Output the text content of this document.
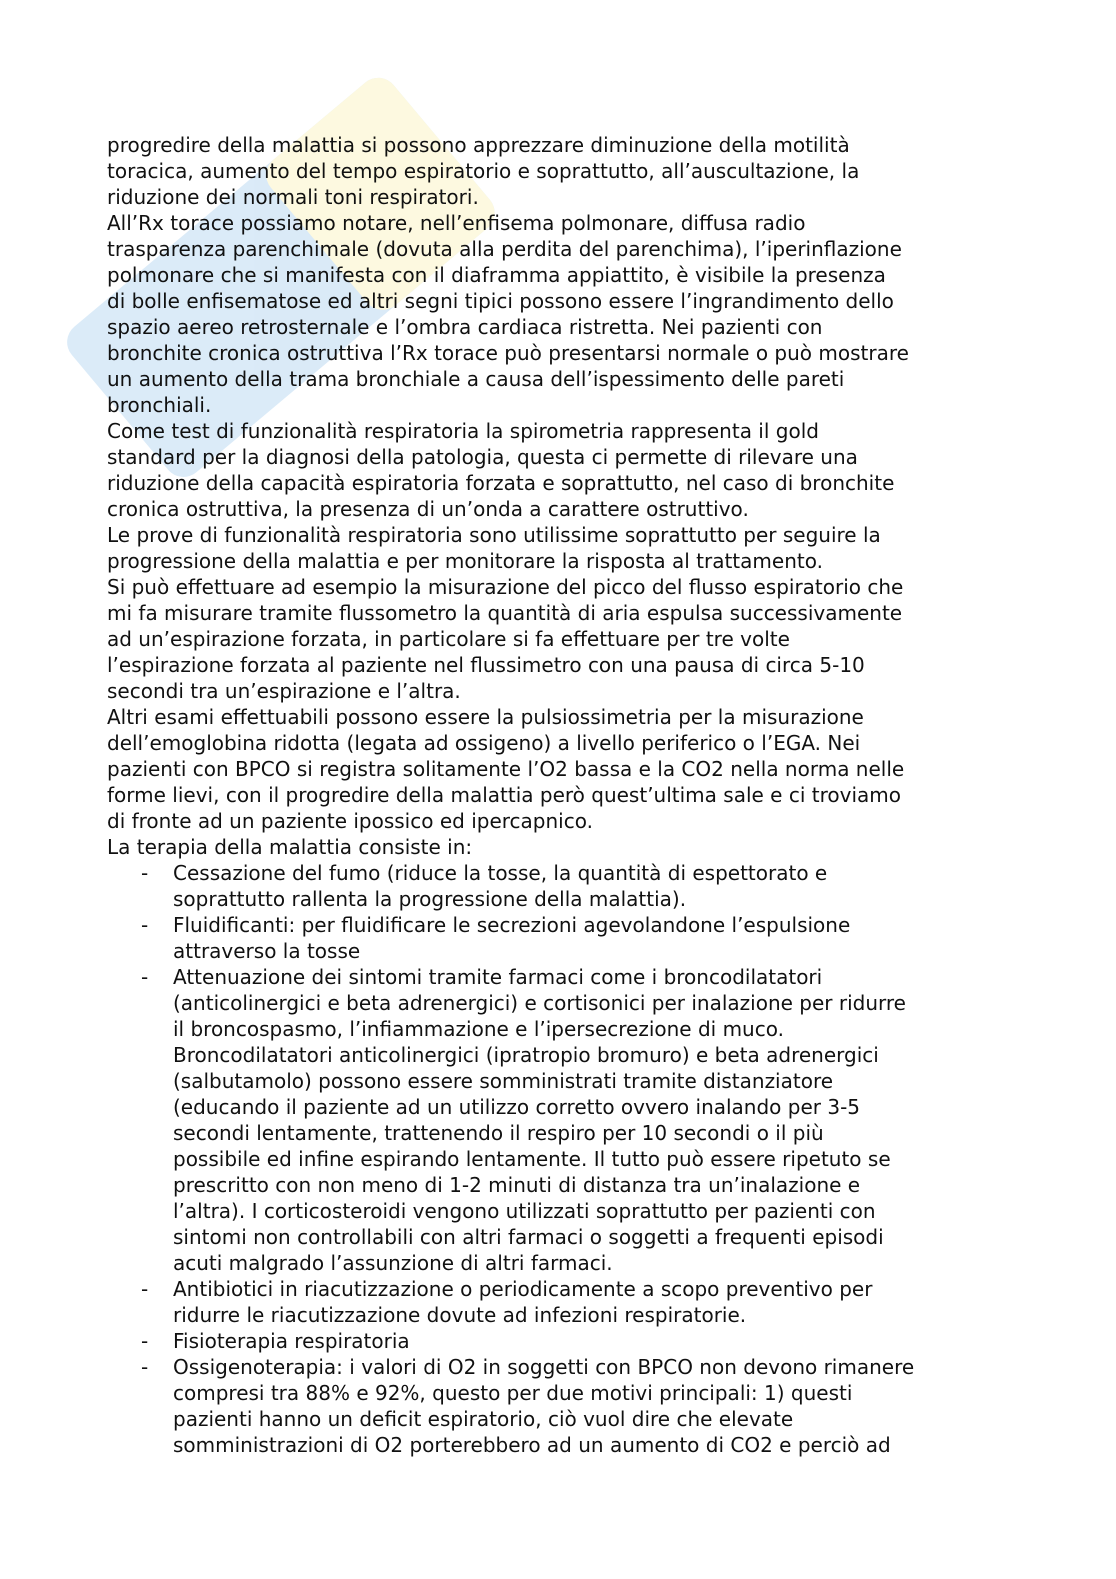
progredire della malattia si possono apprezzare diminuzione della motilità
toracica, aumento del tempo espiratorio e soprattutto, all’auscultazione, la
riduzione dei normali toni respiratori.
All’Rx torace possiamo notare, nell’enfisema polmonare, diffusa radio
trasparenza parenchimale (dovuta alla perdita del parenchima), l’iperinflazione
polmonare che si manifesta con il diaframma appiattito, è visibile la presenza
di bolle enfisematose ed altri segni tipici possono essere l’ingrandimento dello
spazio aereo retrosternale e l’ombra cardiaca ristretta. Nei pazienti con
bronchite cronica ostruttiva l’Rx torace può presentarsi normale o può mostrare
un aumento della trama bronchiale a causa dell’ispessimento delle pareti
bronchiali.
Come test di funzionalità respiratoria la spirometria rappresenta il gold
standard per la diagnosi della patologia, questa ci permette di rilevare una
riduzione della capacità espiratoria forzata e soprattutto, nel caso di bronchite
cronica ostruttiva, la presenza di un’onda a carattere ostruttivo.
Le prove di funzionalità respiratoria sono utilissime soprattutto per seguire la
progressione della malattia e per monitorare la risposta al trattamento.
Si può effettuare ad esempio la misurazione del picco del flusso espiratorio che
mi fa misurare tramite flussometro la quantità di aria espulsa successivamente
ad un’espirazione forzata, in particolare si fa effettuare per tre volte
l’espirazione forzata al paziente nel flussimetro con una pausa di circa 5-10
secondi tra un’espirazione e l’altra.
Altri esami effettuabili possono essere la pulsiossimetria per la misurazione
dell’emoglobina ridotta (legata ad ossigeno) a livello periferico o l’EGA. Nei
pazienti con BPCO si registra solitamente l’O2 bassa e la CO2 nella norma nelle
forme lievi, con il progredire della malattia però quest’ultima sale e ci troviamo
di fronte ad un paziente ipossico ed ipercapnico.
La terapia della malattia consiste in:
- Cessazione del fumo (riduce la tosse, la quantità di espettorato e
soprattutto rallenta la progressione della malattia).
- Fluidificanti: per fluidificare le secrezioni agevolandone l’espulsione
attraverso la tosse
- Attenuazione dei sintomi tramite farmaci come i broncodilatatori
(anticolinergici e beta adrenergici) e cortisonici per inalazione per ridurre
il broncospasmo, l’infiammazione e l’ipersecrezione di muco.
Broncodilatatori anticolinergici (ipratropio bromuro) e beta adrenergici
(salbutamolo) possono essere somministrati tramite distanziatore
(educando il paziente ad un utilizzo corretto ovvero inalando per 3-5
secondi lentamente, trattenendo il respiro per 10 secondi o il più
possibile ed infine espirando lentamente. Il tutto può essere ripetuto se
prescritto con non meno di 1-2 minuti di distanza tra un’inalazione e
l’altra). I corticosteroidi vengono utilizzati soprattutto per pazienti con
sintomi non controllabili con altri farmaci o soggetti a frequenti episodi
acuti malgrado l’assunzione di altri farmaci.
- Antibiotici in riacutizzazione o periodicamente a scopo preventivo per
ridurre le riacutizzazione dovute ad infezioni respiratorie.
- Fisioterapia respiratoria
- Ossigenoterapia: i valori di O2 in soggetti con BPCO non devono rimanere
compresi tra 88% e 92%, questo per due motivi principali: 1) questi
pazienti hanno un deficit espiratorio, ciò vuol dire che elevate
somministrazioni di O2 porterebbero ad un aumento di CO2 e perciò ad
